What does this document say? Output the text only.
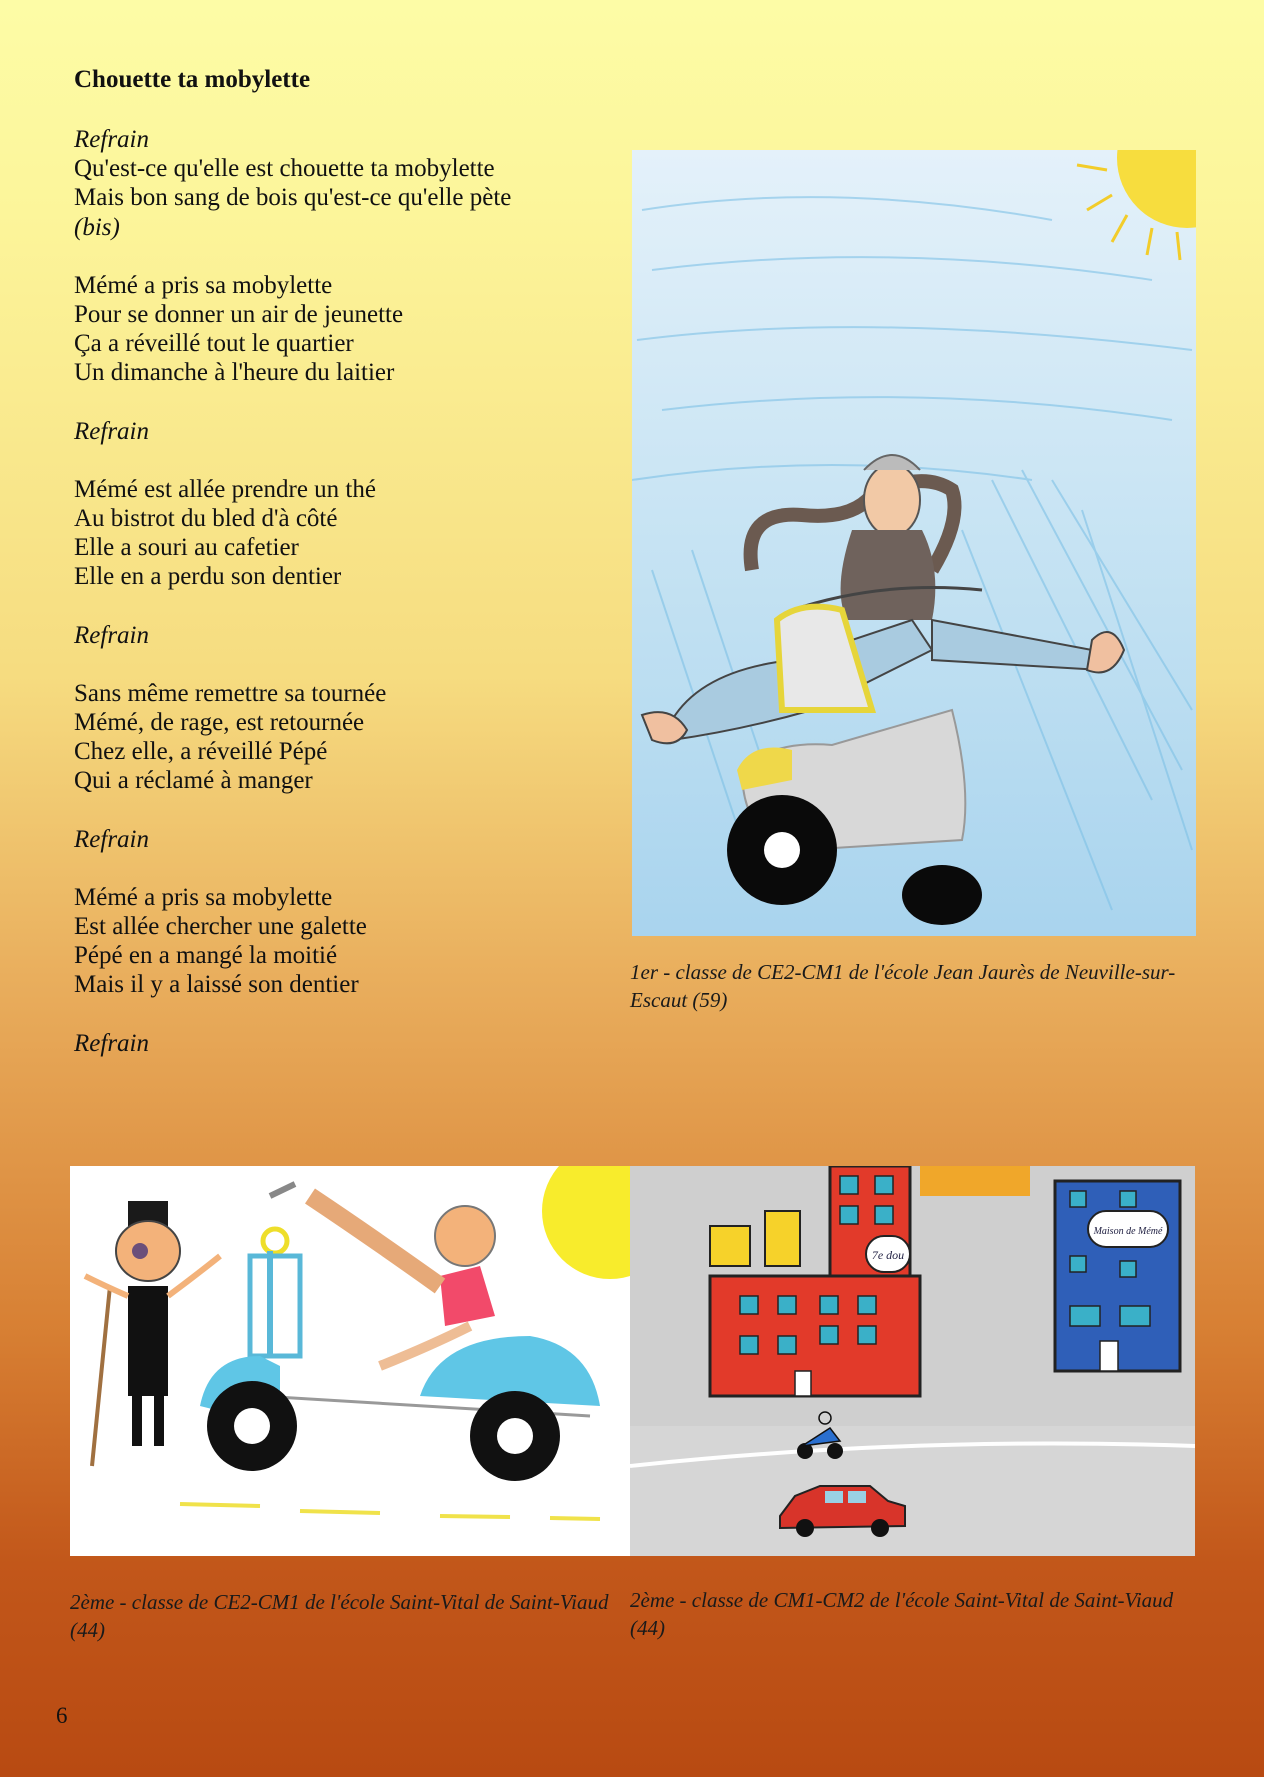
Chouette ta mobylette
Refrain
Qu'est-ce qu'elle est chouette ta mobylette
Mais bon sang de bois qu'est-ce qu'elle pète
(bis)
Mémé a pris sa mobylette
Pour se donner un air de jeunette
Ça a réveillé tout le quartier
Un dimanche à l'heure du laitier
Refrain
Mémé est allée prendre un thé
Au bistrot du bled d'à côté
Elle a souri au cafetier
Elle en a perdu son dentier
Refrain
Sans même remettre sa tournée
Mémé, de rage, est retournée
Chez elle, a réveillé Pépé
Qui a réclamé à manger
Refrain
Mémé a pris sa mobylette
Est allée chercher une galette
Pépé en a mangé la moitié
Mais il y a laissé son dentier
Refrain
1er - classe de CE2-CM1 de l'école Jean Jaurès de Neuville-sur-Escaut (59)
2ème - classe de CE2-CM1 de l'école Saint-Vital de Saint-Viaud (44)
7e dou
Maison de Mémé
2ème - classe de CM1-CM2 de l'école Saint-Vital de Saint-Viaud (44)
6
